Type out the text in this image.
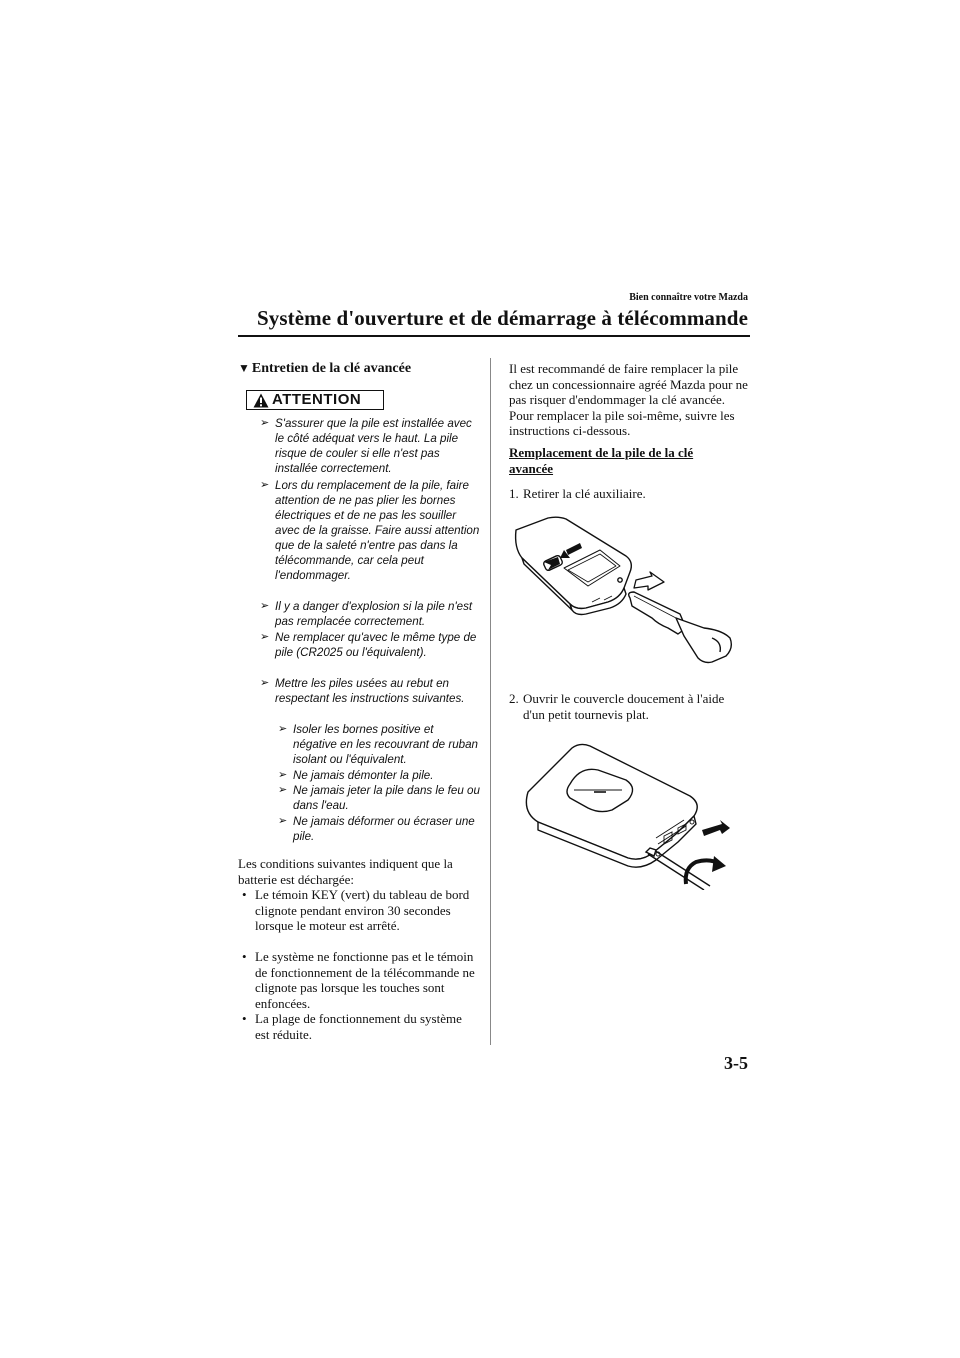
Bien connaître votre Mazda
Système d'ouverture et de démarrage à télécommande
▼ Entretien de la clé avancée
ATTENTION
➢ S'assurer que la pile est installée avec le côté adéquat vers le haut. La pile risque de couler si elle n'est pas installée correctement.
➢ Lors du remplacement de la pile, faire attention de ne pas plier les bornes électriques et de ne pas les souiller avec de la graisse. Faire aussi attention que de la saleté n'entre pas dans la télécommande, car cela peut l'endommager.
➢ Il y a danger d'explosion si la pile n'est pas remplacée correctement.
➢ Ne remplacer qu'avec le même type de pile (CR2025 ou l'équivalent).
➢ Mettre les piles usées au rebut en respectant les instructions suivantes.
➢ Isoler les bornes positive et négative en les recouvrant de ruban isolant ou l'équivalent.
➢ Ne jamais démonter la pile.
➢ Ne jamais jeter la pile dans le feu ou dans l'eau.
➢ Ne jamais déformer ou écraser une pile.
Les conditions suivantes indiquent que la batterie est déchargée:
• Le témoin KEY (vert) du tableau de bord clignote pendant environ 30 secondes lorsque le moteur est arrêté.
• Le système ne fonctionne pas et le témoin de fonctionnement de la télécommande ne clignote pas lorsque les touches sont enfoncées.
• La plage de fonctionnement du système est réduite.
Il est recommandé de faire remplacer la pile chez un concessionnaire agréé Mazda pour ne pas risquer d'endommager la clé avancée. Pour remplacer la pile soi-même, suivre les instructions ci-dessous.
Remplacement de la pile de la clé avancée
1. Retirer la clé auxiliaire.
2. Ouvrir le couvercle doucement à l'aide d'un petit tournevis plat.
3-5
